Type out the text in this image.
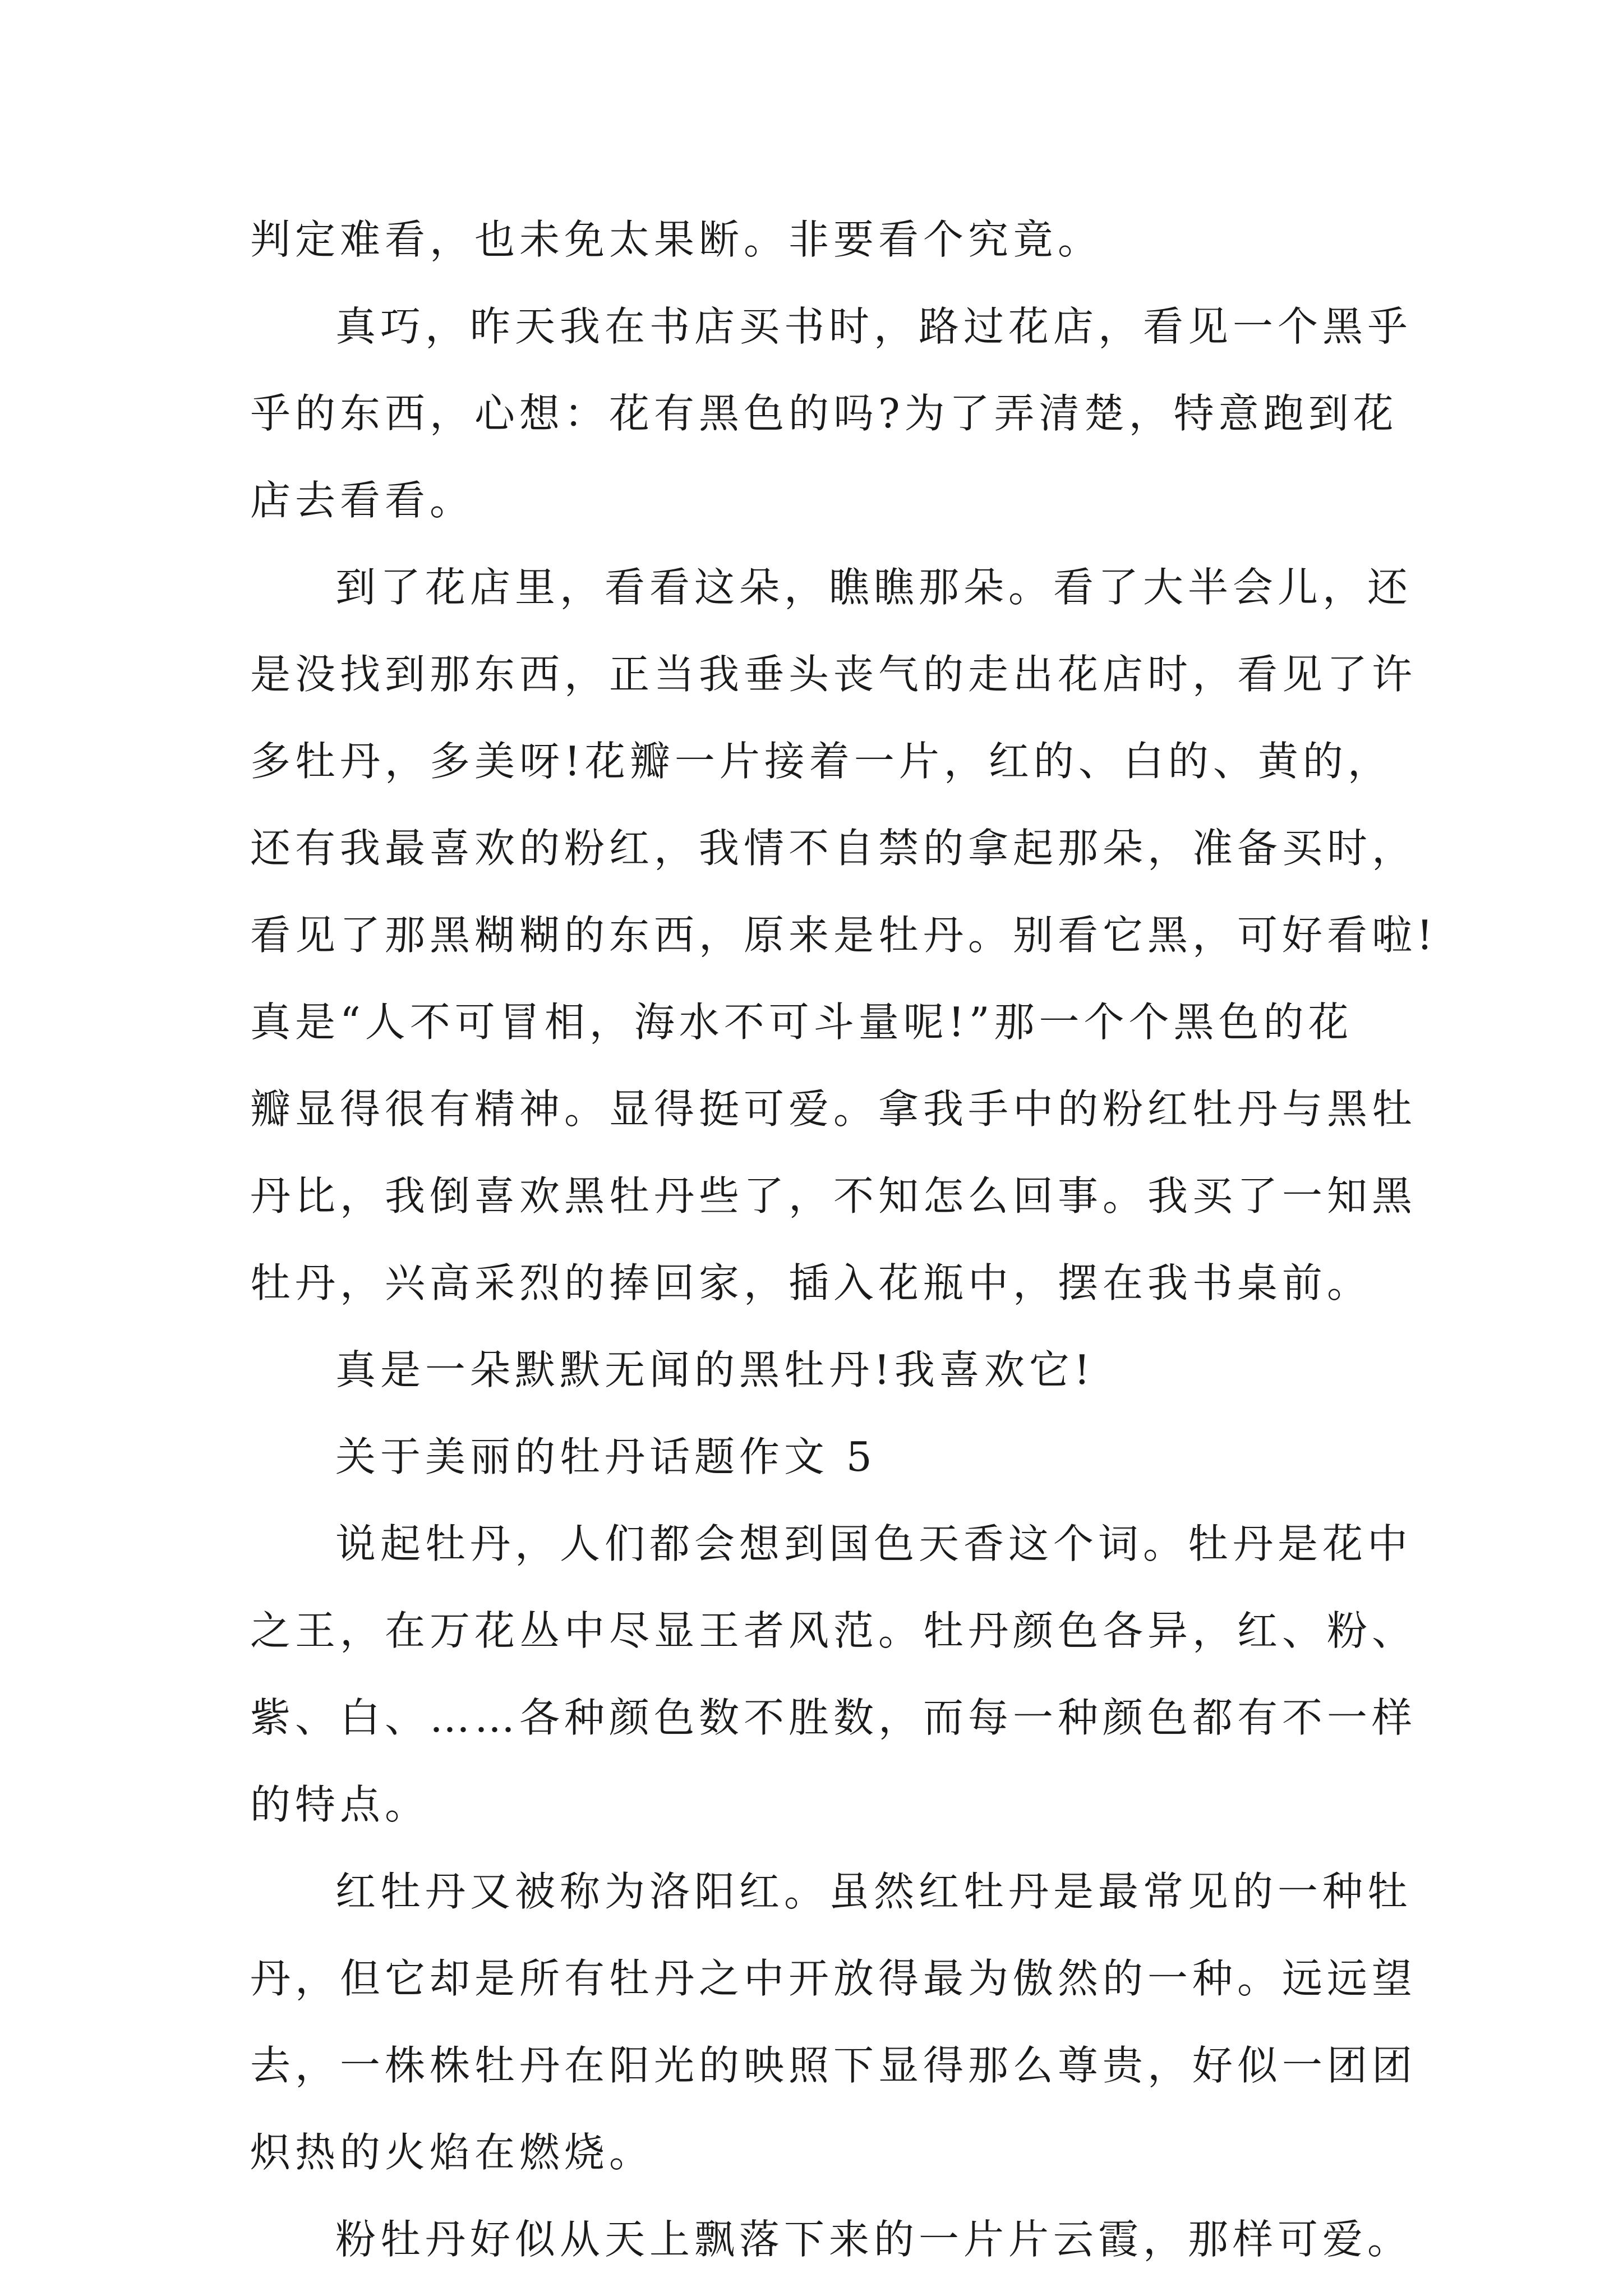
判定难看，也未免太果断。非要看个究竟。
真巧，昨天我在书店买书时，路过花店，看见一个黑乎
乎的东西，心想：花有黑色的吗?为了弄清楚，特意跑到花
店去看看。
到了花店里，看看这朵，瞧瞧那朵。看了大半会儿，还
是没找到那东西，正当我垂头丧气的走出花店时，看见了许
多牡丹，多美呀!花瓣一片接着一片，红的、白的、黄的，
还有我最喜欢的粉红，我情不自禁的拿起那朵，准备买时，
看见了那黑糊糊的东西，原来是牡丹。别看它黑，可好看啦!
真是“人不可冒相，海水不可斗量呢!”那一个个黑色的花
瓣显得很有精神。显得挺可爱。拿我手中的粉红牡丹与黑牡
丹比，我倒喜欢黑牡丹些了，不知怎么回事。我买了一知黑
牡丹，兴高采烈的捧回家，插入花瓶中，摆在我书桌前。
真是一朵默默无闻的黑牡丹!我喜欢它!
关于美丽的牡丹话题作文 5
说起牡丹，人们都会想到国色天香这个词。牡丹是花中
之王，在万花丛中尽显王者风范。牡丹颜色各异，红、粉、
紫、白、……各种颜色数不胜数，而每一种颜色都有不一样
的特点。
红牡丹又被称为洛阳红。虽然红牡丹是最常见的一种牡
丹，但它却是所有牡丹之中开放得最为傲然的一种。远远望
去，一株株牡丹在阳光的映照下显得那么尊贵，好似一团团
炽热的火焰在燃烧。
粉牡丹好似从天上飘落下来的一片片云霞，那样可爱。
